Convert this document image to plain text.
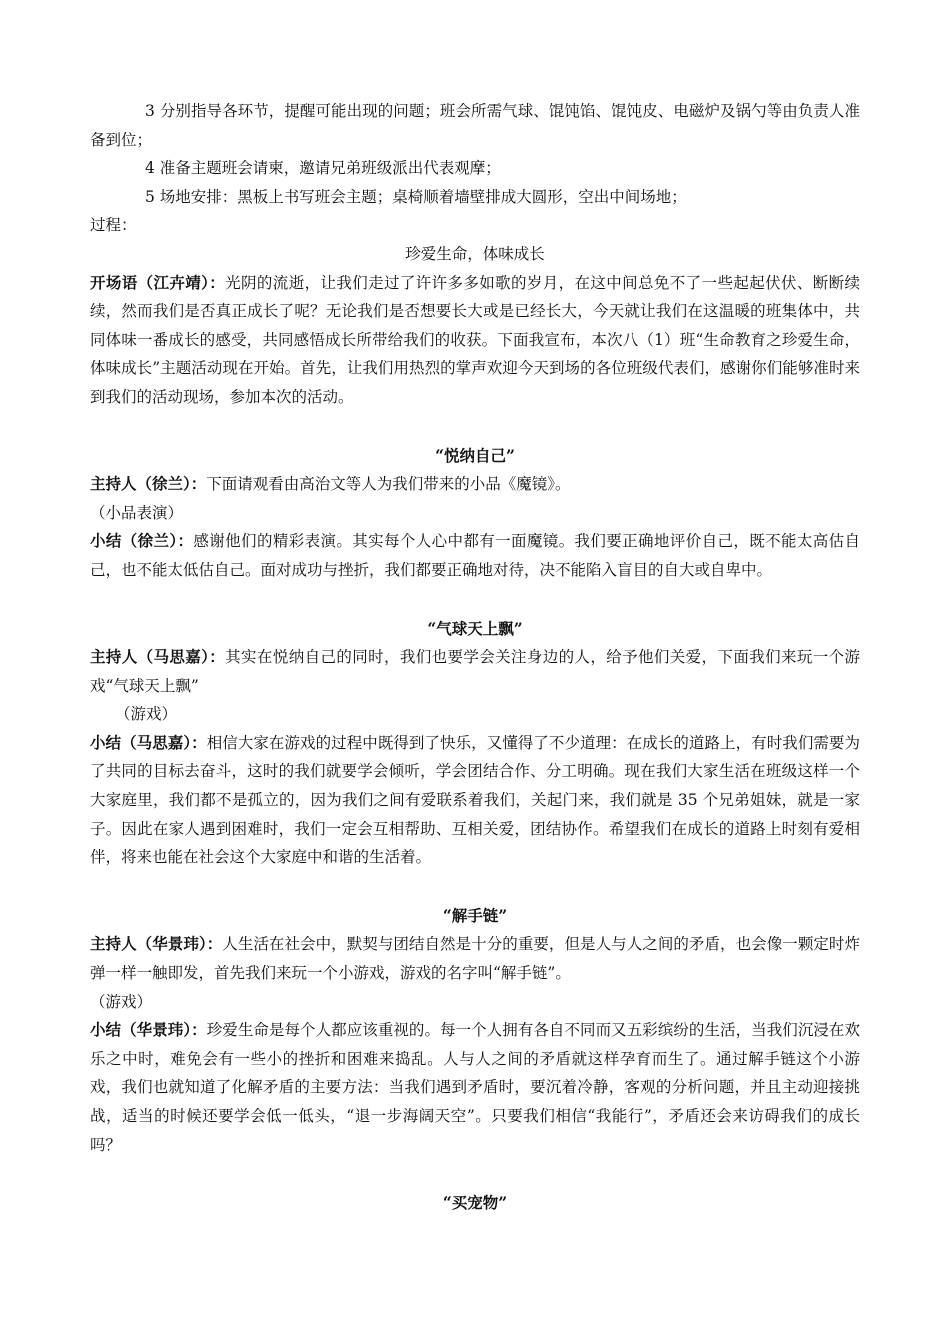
3 分别指导各环节，提醒可能出现的问题；班会所需气球、馄饨馅、馄饨皮、电磁炉及锅勺等由负责人准备到位；

4 准备主题班会请柬，邀请兄弟班级派出代表观摩；

5 场地安排：黑板上书写班会主题；桌椅顺着墙壁排成大圆形，空出中间场地；

过程：

珍爱生命，体味成长

开场语（江卉靖）：光阴的流逝，让我们走过了许许多多如歌的岁月，在这中间总免不了一些起起伏伏、断断续续，然而我们是否真正成长了呢？无论我们是否想要长大或是已经长大，今天就让我们在这温暖的班集体中，共同体味一番成长的感受，共同感悟成长所带给我们的收获。下面我宣布，本次八（1）班“生命教育之珍爱生命，体味成长”主题活动现在开始。首先，让我们用热烈的掌声欢迎今天到场的各位班级代表们，感谢你们能够准时来到我们的活动现场，参加本次的活动。

“悦纳自己”

主持人（徐兰）：下面请观看由高治文等人为我们带来的小品《魔镜》。

（小品表演）

小结（徐兰）：感谢他们的精彩表演。其实每个人心中都有一面魔镜。我们要正确地评价自己，既不能太高估自己，也不能太低估自己。面对成功与挫折，我们都要正确地对待，决不能陷入盲目的自大或自卑中。

“气球天上飘”

主持人（马思嘉）：其实在悦纳自己的同时，我们也要学会关注身边的人，给予他们关爱，下面我们来玩一个游戏“气球天上飘”

（游戏）

小结（马思嘉）：相信大家在游戏的过程中既得到了快乐，又懂得了不少道理：在成长的道路上，有时我们需要为了共同的目标去奋斗，这时的我们就要学会倾听，学会团结合作、分工明确。现在我们大家生活在班级这样一个大家庭里，我们都不是孤立的，因为我们之间有爱联系着我们，关起门来，我们就是 35 个兄弟姐妹，就是一家子。因此在家人遇到困难时，我们一定会互相帮助、互相关爱，团结协作。希望我们在成长的道路上时刻有爱相伴，将来也能在社会这个大家庭中和谐的生活着。

“解手链”

主持人（华景玮）：人生活在社会中，默契与团结自然是十分的重要，但是人与人之间的矛盾，也会像一颗定时炸弹一样一触即发，首先我们来玩一个小游戏，游戏的名字叫“解手链”。

（游戏）

小结（华景玮）：珍爱生命是每个人都应该重视的。每一个人拥有各自不同而又五彩缤纷的生活，当我们沉浸在欢乐之中时，难免会有一些小的挫折和困难来捣乱。人与人之间的矛盾就这样孕育而生了。通过解手链这个小游戏，我们也就知道了化解矛盾的主要方法：当我们遇到矛盾时，要沉着冷静，客观的分析问题，并且主动迎接挑战，适当的时候还要学会低一低头，“退一步海阔天空”。只要我们相信“我能行”，矛盾还会来访碍我们的成长吗？

“买宠物”
